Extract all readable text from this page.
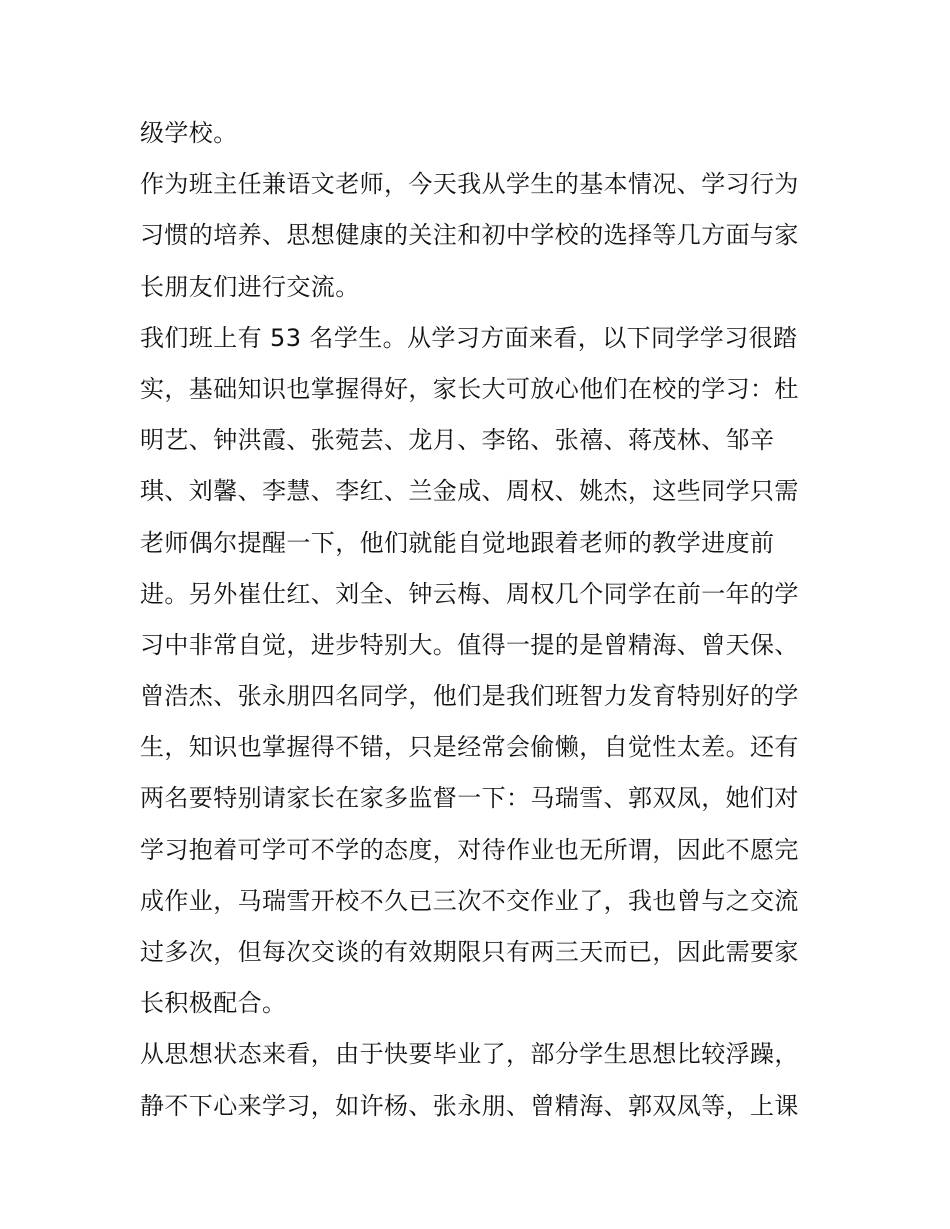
级学校。
作为班主任兼语文老师，今天我从学生的基本情况、学习行为
习惯的培养、思想健康的关注和初中学校的选择等几方面与家
长朋友们进行交流。
我们班上有 53 名学生。从学习方面来看，以下同学学习很踏
实，基础知识也掌握得好，家长大可放心他们在校的学习：杜
明艺、钟洪霞、张菀芸、龙月、李铭、张禧、蒋茂林、邹辛
琪、刘馨、李慧、李红、兰金成、周权、姚杰，这些同学只需
老师偶尔提醒一下，他们就能自觉地跟着老师的教学进度前
进。另外崔仕红、刘全、钟云梅、周权几个同学在前一年的学
习中非常自觉，进步特别大。值得一提的是曾精海、曾天保、
曾浩杰、张永朋四名同学，他们是我们班智力发育特别好的学
生，知识也掌握得不错，只是经常会偷懒，自觉性太差。还有
两名要特别请家长在家多监督一下：马瑞雪、郭双凤，她们对
学习抱着可学可不学的态度，对待作业也无所谓，因此不愿完
成作业，马瑞雪开校不久已三次不交作业了，我也曾与之交流
过多次，但每次交谈的有效期限只有两三天而已，因此需要家
长积极配合。
从思想状态来看，由于快要毕业了，部分学生思想比较浮躁，
静不下心来学习，如许杨、张永朋、曾精海、郭双凤等，上课
